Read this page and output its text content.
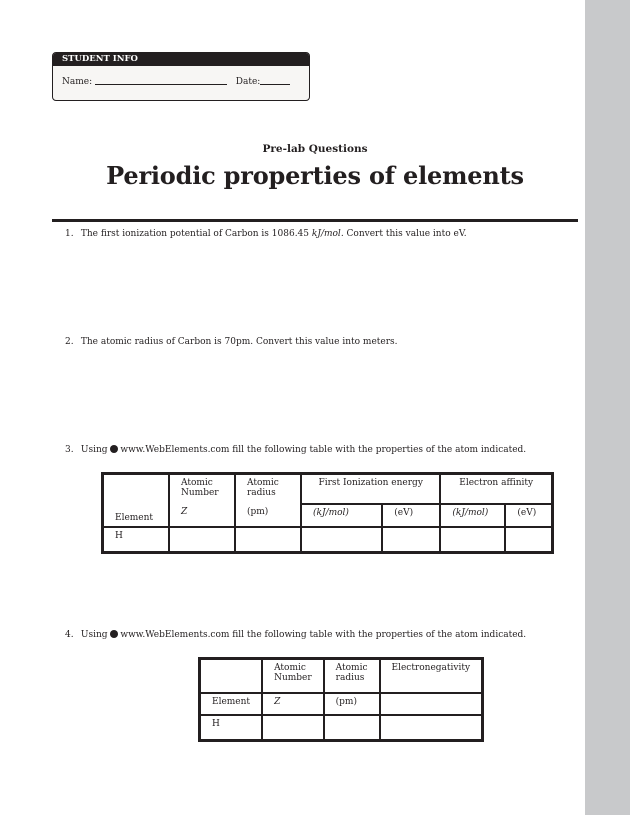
STUDENT INFO
Name:	Date:
Pre-lab Questions
Periodic properties of elements
1. The first ionization potential of Carbon is 1086.45 kJ/mol. Convert this value into eV.
2. The atomic radius of Carbon is 70pm. Convert this value into meters.
3. Using www.WebElements.com fill the following table with the properties of the atom indicated.
Element	Atomic Number	Atomic radius	First Ionization energy		Electron affinity	
	Z	(pm)	(kJ/mol)	(eV)	(kJ/mol)	(eV)
H						
4. Using www.WebElements.com fill the following table with the properties of the atom indicated.
	Atomic Number	Atomic radius	Electronegativity
Element	Z	(pm)	
H			
